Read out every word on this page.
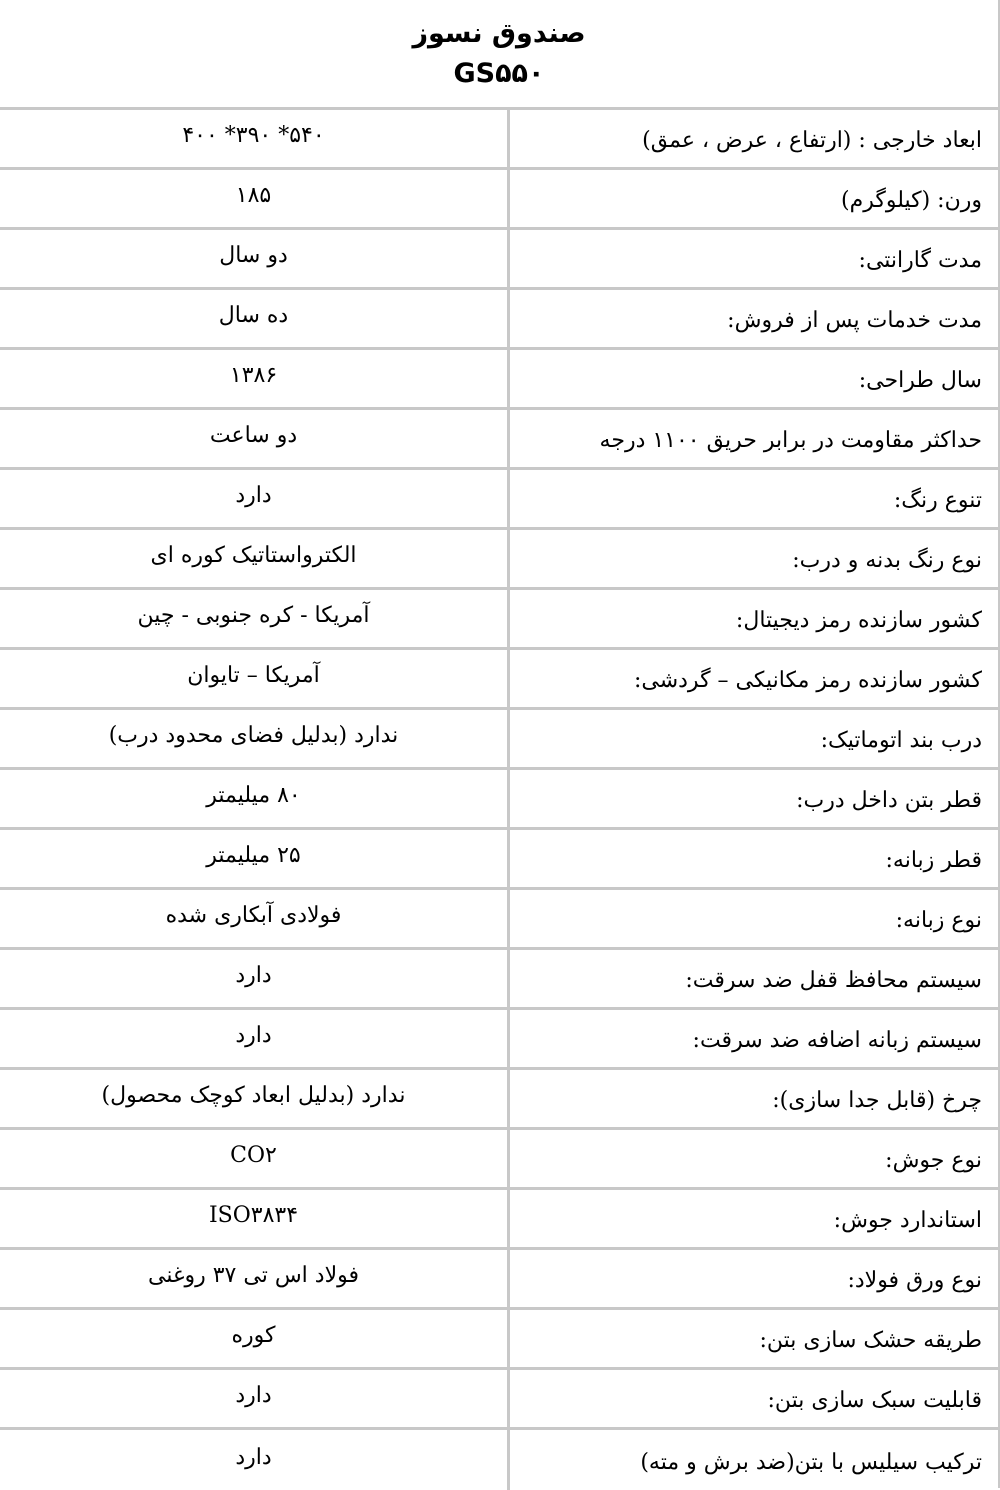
صندوق نسوز
GS۵۵۰
۵۴۰* ۳۹۰* ۴۰۰	ابعاد خارجی : (ارتفاع ، عرض ، عمق)
۱۸۵	ورن: (کیلوگرم)
دو سال	مدت گارانتی:
ده سال	مدت خدمات پس از فروش:
۱۳۸۶	سال طراحی:
دو ساعت	حداکثر مقاومت در برابر حریق ۱۱۰۰ درجه
دارد	تنوع رنگ:
الکترواستاتیک کوره ای	نوع رنگ بدنه و درب:
آمریکا - کره جنوبی - چین	کشور سازنده رمز دیجیتال:
آمریکا – تایوان	کشور سازنده رمز مکانیکی – گردشی:
ندارد (بدلیل فضای محدود درب)	درب بند اتوماتیک:
۸۰ میلیمتر	قطر بتن داخل درب:
۲۵ میلیمتر	قطر زبانه:
فولادی آبکاری شده	نوع زبانه:
دارد	سیستم محافظ قفل ضد سرقت:
دارد	سیستم زبانه اضافه ضد سرقت:
ندارد (بدلیل ابعاد کوچک محصول)	چرخ (قابل جدا سازی):
CO۲	نوع جوش:
ISO۳۸۳۴	استاندارد جوش:
فولاد اس تی ۳۷ روغنی	نوع ورق فولاد:
کوره	طریقه حشک سازی بتن:
دارد	قابلیت سبک سازی بتن:
دارد	ترکیب سیلیس با بتن(ضد برش و مته)
